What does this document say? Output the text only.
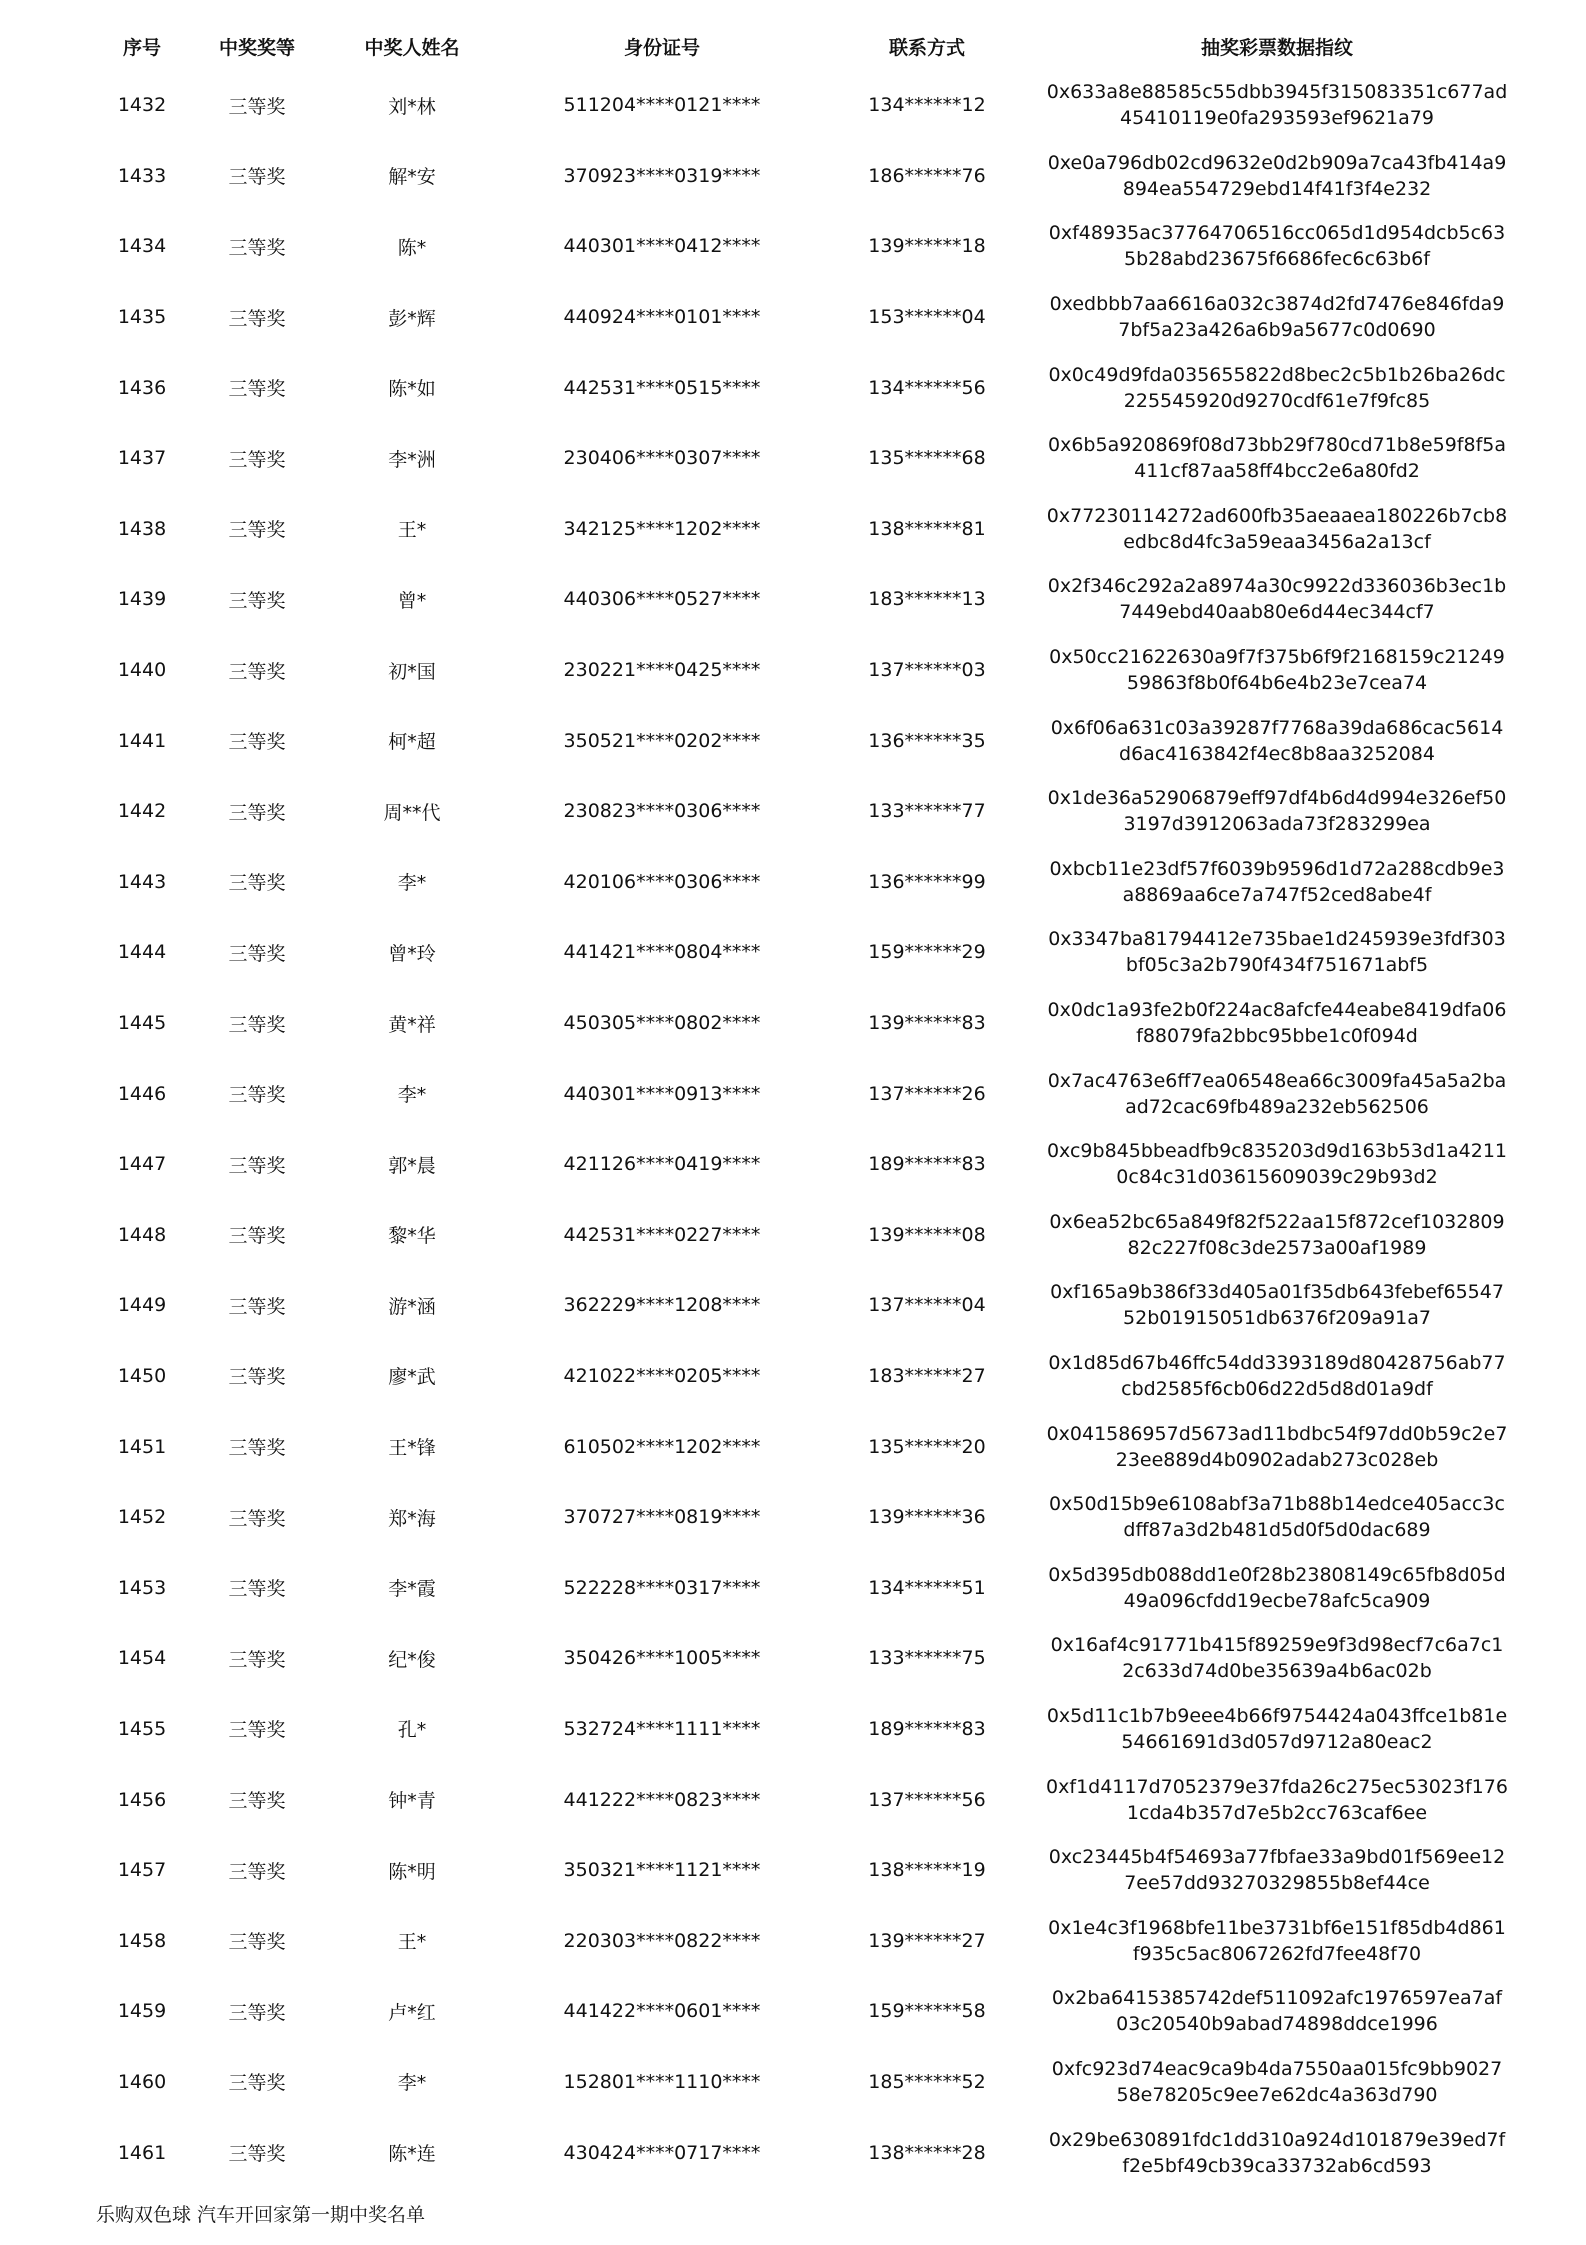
序号	中奖奖等	中奖人姓名	身份证号	联系方式	抽奖彩票数据指纹
1432	三等奖	刘*林	511204****0121****	134******12	0x633a8e88585c55dbb3945f315083351c677ad45410119e0fa293593ef9621a79
1433	三等奖	解*安	370923****0319****	186******76	0xe0a796db02cd9632e0d2b909a7ca43fb414a9894ea554729ebd14f41f3f4e232
1434	三等奖	陈*	440301****0412****	139******18	0xf48935ac37764706516cc065d1d954dcb5c635b28abd23675f6686fec6c63b6f
1435	三等奖	彭*辉	440924****0101****	153******04	0xedbbb7aa6616a032c3874d2fd7476e846fda97bf5a23a426a6b9a5677c0d0690
1436	三等奖	陈*如	442531****0515****	134******56	0x0c49d9fda035655822d8bec2c5b1b26ba26dc225545920d9270cdf61e7f9fc85
1437	三等奖	李*洲	230406****0307****	135******68	0x6b5a920869f08d73bb29f780cd71b8e59f8f5a411cf87aa58ff4bcc2e6a80fd2
1438	三等奖	王*	342125****1202****	138******81	0x77230114272ad600fb35aeaaea180226b7cb8edbc8d4fc3a59eaa3456a2a13cf
1439	三等奖	曾*	440306****0527****	183******13	0x2f346c292a2a8974a30c9922d336036b3ec1b7449ebd40aab80e6d44ec344cf7
1440	三等奖	初*国	230221****0425****	137******03	0x50cc21622630a9f7f375b6f9f2168159c2124959863f8b0f64b6e4b23e7cea74
1441	三等奖	柯*超	350521****0202****	136******35	0x6f06a631c03a39287f7768a39da686cac5614d6ac4163842f4ec8b8aa3252084
1442	三等奖	周**代	230823****0306****	133******77	0x1de36a52906879eff97df4b6d4d994e326ef503197d3912063ada73f283299ea
1443	三等奖	李*	420106****0306****	136******99	0xbcb11e23df57f6039b9596d1d72a288cdb9e3a8869aa6ce7a747f52ced8abe4f
1444	三等奖	曾*玲	441421****0804****	159******29	0x3347ba81794412e735bae1d245939e3fdf303bf05c3a2b790f434f751671abf5
1445	三等奖	黄*祥	450305****0802****	139******83	0x0dc1a93fe2b0f224ac8afcfe44eabe8419dfa06f88079fa2bbc95bbe1c0f094d
1446	三等奖	李*	440301****0913****	137******26	0x7ac4763e6ff7ea06548ea66c3009fa45a5a2baad72cac69fb489a232eb562506
1447	三等奖	郭*晨	421126****0419****	189******83	0xc9b845bbeadfb9c835203d9d163b53d1a42110c84c31d03615609039c29b93d2
1448	三等奖	黎*华	442531****0227****	139******08	0x6ea52bc65a849f82f522aa15f872cef103280982c227f08c3de2573a00af1989
1449	三等奖	游*涵	362229****1208****	137******04	0xf165a9b386f33d405a01f35db643febef6554752b01915051db6376f209a91a7
1450	三等奖	廖*武	421022****0205****	183******27	0x1d85d67b46ffc54dd3393189d80428756ab77cbd2585f6cb06d22d5d8d01a9df
1451	三等奖	王*锋	610502****1202****	135******20	0x041586957d5673ad11bdbc54f97dd0b59c2e723ee889d4b0902adab273c028eb
1452	三等奖	郑*海	370727****0819****	139******36	0x50d15b9e6108abf3a71b88b14edce405acc3cdff87a3d2b481d5d0f5d0dac689
1453	三等奖	李*霞	522228****0317****	134******51	0x5d395db088dd1e0f28b23808149c65fb8d05d49a096cfdd19ecbe78afc5ca909
1454	三等奖	纪*俊	350426****1005****	133******75	0x16af4c91771b415f89259e9f3d98ecf7c6a7c12c633d74d0be35639a4b6ac02b
1455	三等奖	孔*	532724****1111****	189******83	0x5d11c1b7b9eee4b66f9754424a043ffce1b81e54661691d3d057d9712a80eac2
1456	三等奖	钟*青	441222****0823****	137******56	0xf1d4117d7052379e37fda26c275ec53023f1761cda4b357d7e5b2cc763caf6ee
1457	三等奖	陈*明	350321****1121****	138******19	0xc23445b4f54693a77fbfae33a9bd01f569ee127ee57dd93270329855b8ef44ce
1458	三等奖	王*	220303****0822****	139******27	0x1e4c3f1968bfe11be3731bf6e151f85db4d861f935c5ac8067262fd7fee48f70
1459	三等奖	卢*红	441422****0601****	159******58	0x2ba6415385742def511092afc1976597ea7af03c20540b9abad74898ddce1996
1460	三等奖	李*	152801****1110****	185******52	0xfc923d74eac9ca9b4da7550aa015fc9bb902758e78205c9ee7e62dc4a363d790
1461	三等奖	陈*连	430424****0717****	138******28	0x29be630891fdc1dd310a924d101879e39ed7ff2e5bf49cb39ca33732ab6cd593
乐购双色球 汽车开回家第一期中奖名单
